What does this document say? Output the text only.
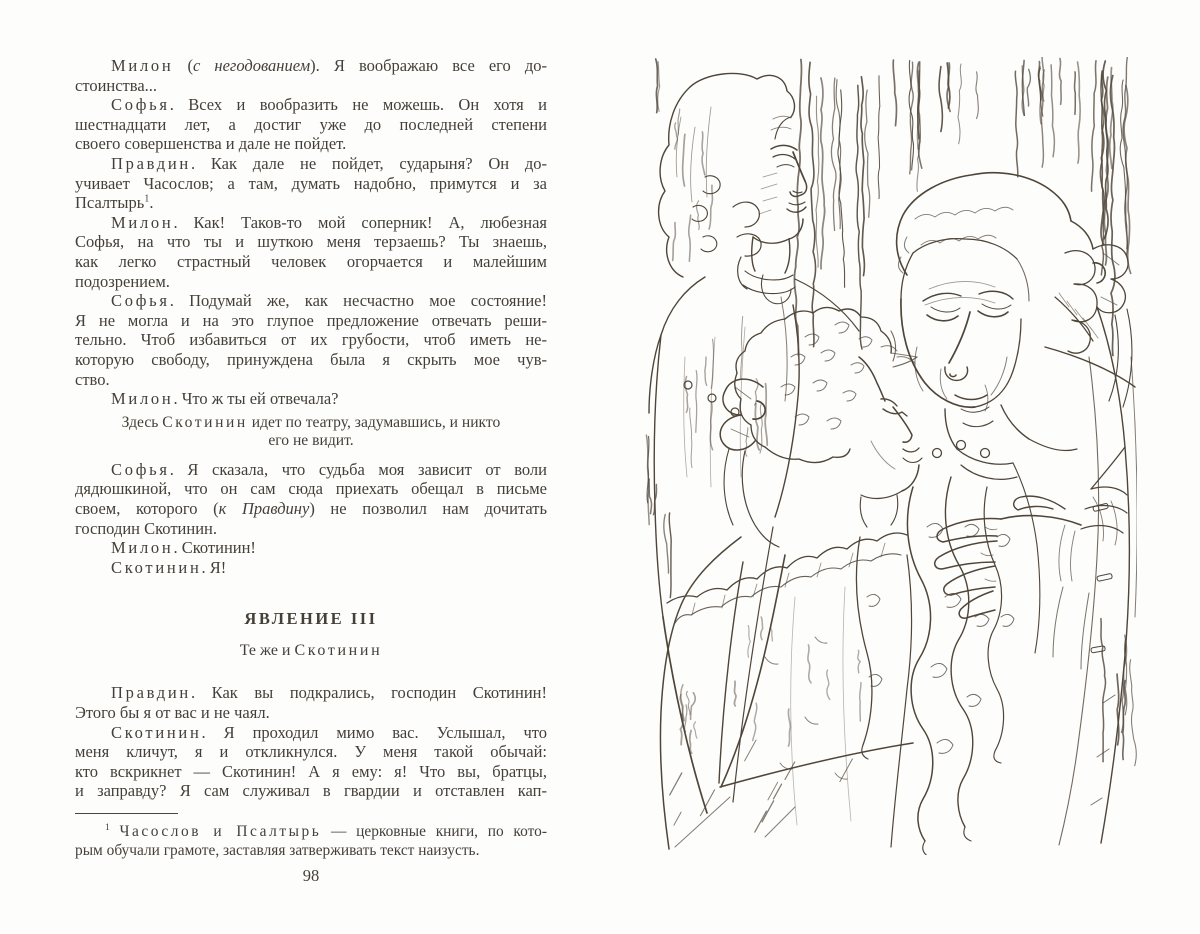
Милон (с негодованием). Я воображаю все его до-
стоинства...
Софья. Всех и вообразить не можешь. Он хотя и
шестнадцати лет, а достиг уже до последней степени
своего совершенства и дале не пойдет.
Правдин. Как дале не пойдет, сударыня? Он до-
учивает Часослов; а там, думать надобно, примутся и за
Псалтырь$^1$.
Милон. Как! Таков-то мой соперник! А, любезная
Софья, на что ты и шуткою меня терзаешь? Ты знаешь,
как легко страстный человек огорчается и малейшим
подозрением.
Софья. Подумай же, как несчастно мое состояние!
Я не могла и на это глупое предложение отвечать реши-
тельно. Чтоб избавиться от их грубости, чтоб иметь не-
которую свободу, принуждена была я скрыть мое чув-
ство.
Милон. Что ж ты ей отвечала?
Здесь Скотинин идет по театру, задумавшись, и никто
его не видит.
Софья. Я сказала, что судьба моя зависит от воли
дядюшкиной, что он сам сюда приехать обещал в письме
своем, которого (к Правдину) не позволил нам дочитать
господин Скотинин.
Милон. Скотинин!
Скотинин. Я!
ЯВЛЕНИЕ III
Те же и Скотинин
Правдин. Как вы подкрались, господин Скотинин!
Этого бы я от вас и не чаял.
Скотинин. Я проходил мимо вас. Услышал, что
меня кличут, я и откликнулся. У меня такой обычай:
кто вскрикнет — Скотинин! А я ему: я! Что вы, братцы,
и заправду? Я сам служивал в гвардии и отставлен кап-
$^1$ Часослов и Псалтырь — церковные книги, по кото-
рым обучали грамоте, заставляя затверживать текст наизусть.
98
